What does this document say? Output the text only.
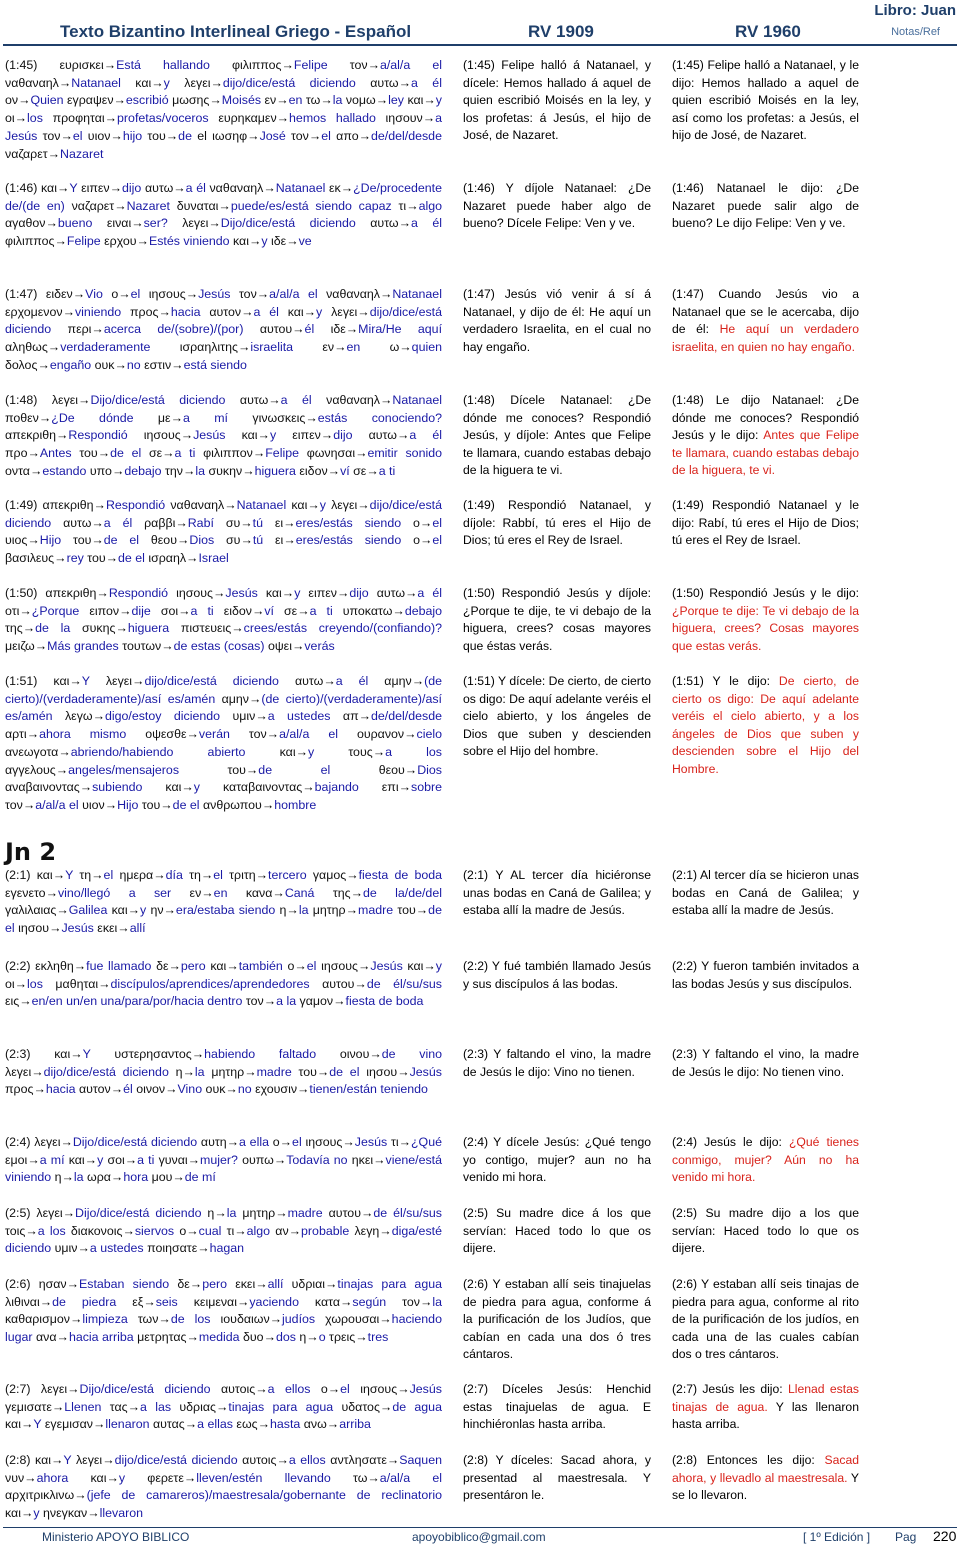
Texto Bizantino Interlineal Griego - Español	RV 1909	RV 1960
Libro: Juan
Notas/Ref
(1:45) ευρισκει→Está hallando φιλιππος→Felipe τον→a/al/a el ναθαναηλ→Natanael και→y λεγει→dijo/dice/está diciendo αυτω→a él ον→Quien εγραψεν→escribió μωσης→Moisés εν→en τω→la νομω→ley και→y οι→los προφηται→profetas/voceros ευρηκαμεν→hemos hallado ιησουν→a Jesús τον→el υιον→hijo του→de el ιωσηφ→José τον→el απο→de/del/desde ναζαρετ→Nazaret
(1:45) Felipe halló á Natanael, y dícele: Hemos hallado á aquel de quien escribió Moisés en la ley, y los profetas: á Jesús, el hijo de José, de Nazaret.
(1:45) Felipe halló a Natanael, y le dijo: Hemos hallado a aquel de quien escribió Moisés en la ley, así como los profetas: a Jesús, el hijo de José, de Nazaret.
(1:46) και→Y ειπεν→dijo αυτω→a él ναθαναηλ→Natanael εκ→¿De/procedente de/(de en) ναζαρετ→Nazaret δυναται→puede/es/está siendo capaz τι→algo αγαθον→bueno ειναι→ser? λεγει→Dijo/dice/está diciendo αυτω→a él φιλιππος→Felipe ερχου→Estés viniendo και→y ιδε→ve
(1:46) Y díjole Natanael: ¿De Nazaret puede haber algo de bueno? Dícele Felipe: Ven y ve.
(1:46) Natanael le dijo: ¿De Nazaret puede salir algo de bueno? Le dijo Felipe: Ven y ve.
(1:47) ειδεν→Vio ο→el ιησους→Jesús τον→a/al/a el ναθαναηλ→Natanael ερχομενον→viniendo προς→hacia αυτον→a él και→y λεγει→dijo/dice/está diciendo περι→acerca de/(sobre)/(por) αυτου→él ιδε→Mira/He aquí αληθως→verdaderamente ισραηλιτης→israelita εν→en ω→quien δολος→engaño ουκ→no εστιν→está siendo
(1:47) Jesús vió venir á sí á Natanael, y dijo de él: He aquí un verdadero Israelita, en el cual no hay engaño.
(1:47) Cuando Jesús vio a Natanael que se le acercaba, dijo de él: He aquí un verdadero israelita, en quien no hay engaño.
(1:48) λεγει→Dijo/dice/está diciendo αυτω→a él ναθαναηλ→Natanael ποθεν→¿De dónde με→a mí γινωσκεις→estás conociendo? απεκριθη→Respondió ιησους→Jesús και→y ειπεν→dijo αυτω→a él προ→Antes του→de el σε→a ti φιλιππον→Felipe φωνησαι→emitir sonido οντα→estando υπο→debajo την→la συκην→higuera ειδον→ví σε→a ti
(1:48) Dícele Natanael: ¿De dónde me conoces? Respondió Jesús, y díjole: Antes que Felipe te llamara, cuando estabas debajo de la higuera te vi.
(1:48) Le dijo Natanael: ¿De dónde me conoces? Respondió Jesús y le dijo: Antes que Felipe te llamara, cuando estabas debajo de la higuera, te vi.
(1:49) απεκριθη→Respondió ναθαναηλ→Natanael και→y λεγει→dijo/dice/está diciendo αυτω→a él ραββι→Rabí συ→tú ει→eres/estás siendo ο→el υιος→Hijo του→de el θεου→Dios συ→tú ει→eres/estás siendo ο→el βασιλευς→rey του→de el ισραηλ→Israel
(1:49) Respondió Natanael, y díjole: Rabbí, tú eres el Hijo de Dios; tú eres el Rey de Israel.
(1:49) Respondió Natanael y le dijo: Rabí, tú eres el Hijo de Dios; tú eres el Rey de Israel.
(1:50) απεκριθη→Respondió ιησους→Jesús και→y ειπεν→dijo αυτω→a él οτι→¿Porque ειπον→dije σοι→a ti ειδον→ví σε→a ti υποκατω→debajo της→de la συκης→higuera πιστευεις→crees/estás creyendo/(confiando)? μειζω→Más grandes τουτων→de estas (cosas) οψει→verás
(1:50) Respondió Jesús y díjole: ¿Porque te dije, te vi debajo de la higuera, crees? cosas mayores que éstas verás.
(1:50) Respondió Jesús y le dijo: ¿Porque te dije: Te vi debajo de la higuera, crees? Cosas mayores que estas verás.
(1:51) και→Y λεγει→dijo/dice/está diciendo αυτω→a él αμην→(de cierto)/(verdaderamente)/así es/amén αμην→(de cierto)/(verdaderamente)/así es/amén λεγω→digo/estoy diciendo υμιν→a ustedes απ→de/del/desde αρτι→ahora mismo οψεσθε→verán τον→a/al/a el ουρανον→cielo ανεωγοτα→abriendo/habiendo abierto	και→y	τους→a los αγγελους→angeles/mensajeros	του→de el	θεου→Dios αναβαινοντας→subiendo και→y καταβαινοντας→bajando επι→sobre τον→a/al/a el υιον→Hijo του→de el ανθρωπου→hombre
(1:51) Y dícele: De cierto, de cierto os digo: De aquí adelante veréis el cielo abierto, y los ángeles de Dios que suben y descienden sobre el Hijo del hombre.
(1:51) Y le dijo: De cierto, de cierto os digo: De aquí adelante veréis el cielo abierto, y a los ángeles de Dios que suben y descienden sobre el Hijo del Hombre.
(2:1) και→Y τη→el ημερα→día τη→el τριτη→tercero γαμος→fiesta de boda εγενετο→vino/llegó a ser εν→en κανα→Caná της→de la/de/del γαλιλαιας→Galilea και→y ην→era/estaba siendo η→la μητηρ→madre του→de el ιησου→Jesús εκει→allí
(2:1) Y AL tercer día hiciéronse unas bodas en Caná de Galilea; y estaba allí la madre de Jesús.
(2:1) Al tercer día se hicieron unas bodas en Caná de Galilea; y estaba allí la madre de Jesús.
(2:2) εκληθη→fue llamado δε→pero και→también ο→el ιησους→Jesús και→y οι→los μαθηται→discípulos/aprendices/aprendedores αυτου→de él/su/sus εις→en/en un/en una/para/por/hacia dentro τον→a la γαμον→fiesta de boda
(2:2) Y fué también llamado Jesús y sus discípulos á las bodas.
(2:2) Y fueron también invitados a las bodas Jesús y sus discípulos.
(2:3) και→Y υστερησαντος→habiendo faltado οινου→de vino λεγει→dijo/dice/está diciendo η→la μητηρ→madre του→de el ιησου→Jesús προς→hacia αυτον→él οινον→Vino ουκ→no εχουσιν→tienen/están teniendo
(2:3) Y faltando el vino, la madre de Jesús le dijo: Vino no tienen.
(2:3) Y faltando el vino, la madre de Jesús le dijo: No tienen vino.
(2:4) λεγει→Dijo/dice/está diciendo αυτη→a ella ο→el ιησους→Jesús τι→¿Qué εμοι→a mí και→y σοι→a ti γυναι→mujer? ουπω→Todavía no ηκει→viene/está viniendo η→la ωρα→hora μου→de mí
(2:4) Y dícele Jesús: ¿Qué tengo yo contigo, mujer? aun no ha venido mi hora.
(2:4) Jesús le dijo: ¿Qué tienes conmigo, mujer? Aún no ha venido mi hora.
(2:5) λεγει→Dijo/dice/está diciendo η→la μητηρ→madre αυτου→de él/su/sus τοις→a los διακονοις→siervos ο→cual τι→algo αν→probable λεγη→diga/esté diciendo υμιν→a ustedes ποιησατε→hagan
(2:5) Su madre dice á los que servían: Haced todo lo que os dijere.
(2:5) Su madre dijo a los que servían: Haced todo lo que os dijere.
(2:6) ησαν→Estaban siendo δε→pero εκει→allí υδριαι→tinajas para agua λιθιναι→de piedra εξ→seis κειμεναι→yaciendo κατα→según τον→la καθαρισμον→limpieza των→de los ιουδαιων→judíos χωρουσαι→haciendo lugar ανα→hacia arriba μετρητας→medida δυο→dos η→o τρεις→tres
(2:6) Y estaban allí seis tinajuelas de piedra para agua, conforme á la purificación de los Judíos, que cabían en cada una dos ó tres cántaros.
(2:6) Y estaban allí seis tinajas de piedra para agua, conforme al rito de la purificación de los judíos, en cada una de las cuales cabían dos o tres cántaros.
(2:7) λεγει→Dijo/dice/está diciendo αυτοις→a ellos ο→el ιησους→Jesús γεμισατε→Llenen τας→a las υδριας→tinajas para agua υδατος→de agua και→Y εγεμισαν→llenaron αυτας→a ellas εως→hasta ανω→arriba
(2:7) Díceles Jesús: Henchid estas tinajuelas de agua. E hinchiéronlas hasta arriba.
(2:7) Jesús les dijo: Llenad estas tinajas de agua. Y las llenaron hasta arriba.
(2:8) και→Y λεγει→dijo/dice/está diciendo αυτοις→a ellos αντλησατε→Saquen νυν→ahora και→y φερετε→lleven/estén llevando τω→a/al/a el αρχιτρικλινω→(jefe de camareros)/maestresala/gobernante de reclinatorio και→y ηνεγκαν→llevaron
(2:8) Y díceles: Sacad ahora, y presentad al maestresala. Y presentáron le.
(2:8) Entonces les dijo: Sacad ahora, y llevadlo al maestresala. Y se lo llevaron.
Jn 2
Ministerio APOYO BIBLICO	apoyobiblico@gmail.com	[ 1º Edición ] Pag 220
